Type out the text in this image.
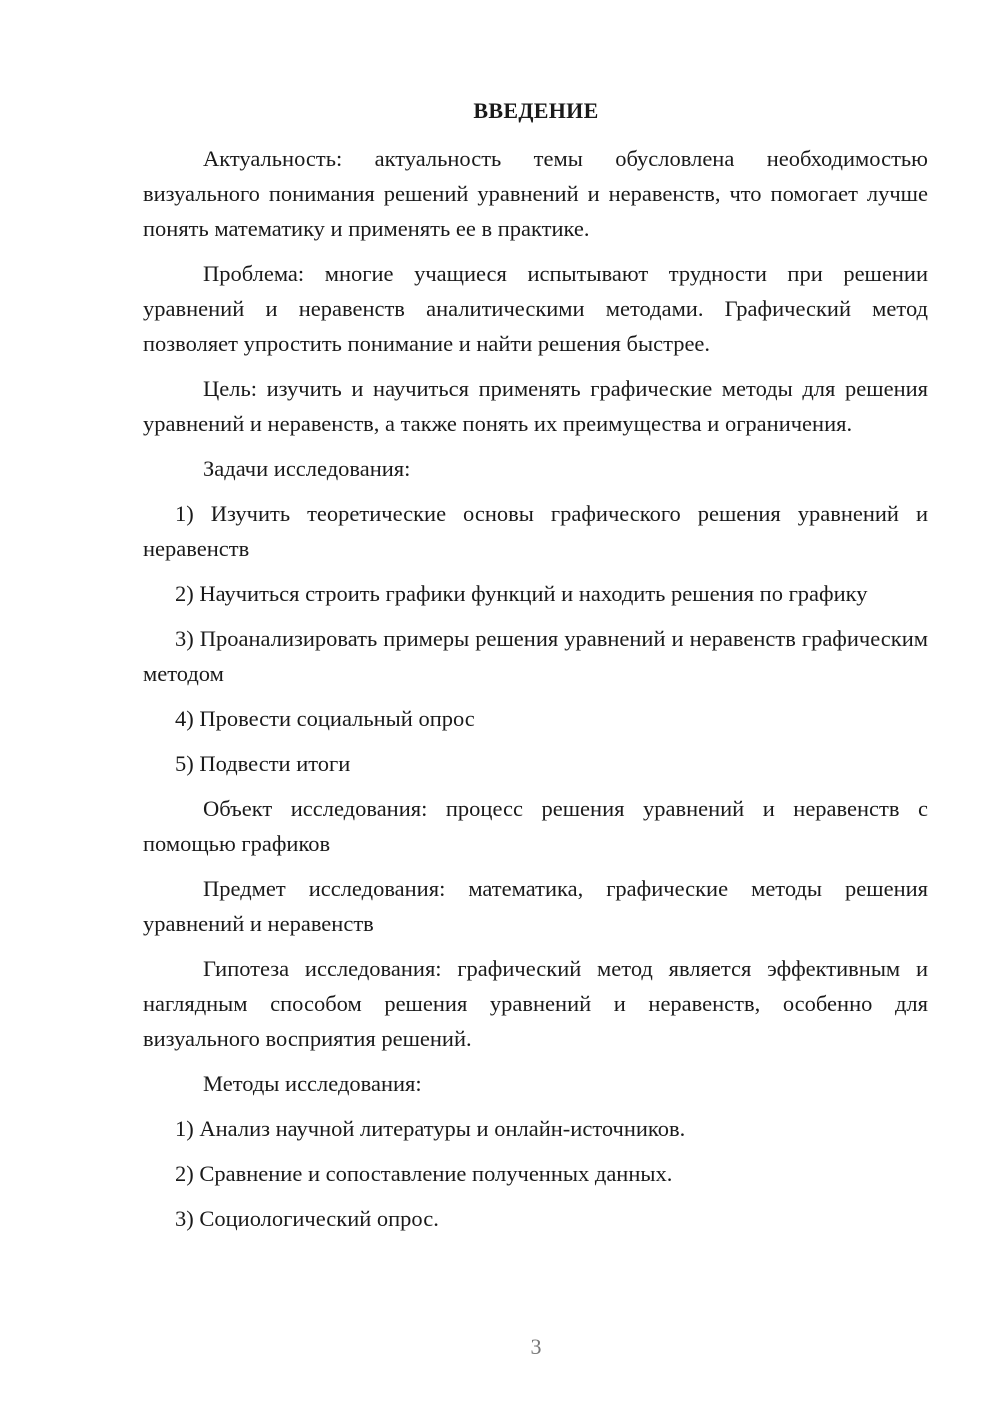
ВВЕДЕНИЕ

Актуальность: актуальность темы обусловлена необходимостью визуального понимания решений уравнений и неравенств, что помогает лучше понять математику и применять ее в практике.

Проблема: многие учащиеся испытывают трудности при решении уравнений и неравенств аналитическими методами. Графический метод позволяет упростить понимание и найти решения быстрее.

Цель: изучить и научиться применять графические методы для решения уравнений и неравенств, а также понять их преимущества и ограничения.

Задачи исследования:

1) Изучить теоретические основы графического решения уравнений и неравенств

2) Научиться строить графики функций и находить решения по графику

3) Проанализировать примеры решения уравнений и неравенств графическим методом

4) Провести социальный опрос

5) Подвести итоги

Объект исследования: процесс решения уравнений и неравенств с помощью графиков

Предмет исследования: математика, графические методы решения уравнений и неравенств

Гипотеза исследования: графический метод является эффективным и наглядным способом решения уравнений и неравенств, особенно для визуального восприятия решений.

Методы исследования:

1) Анализ научной литературы и онлайн-источников.

2) Сравнение и сопоставление полученных данных.

3) Социологический опрос.

3
